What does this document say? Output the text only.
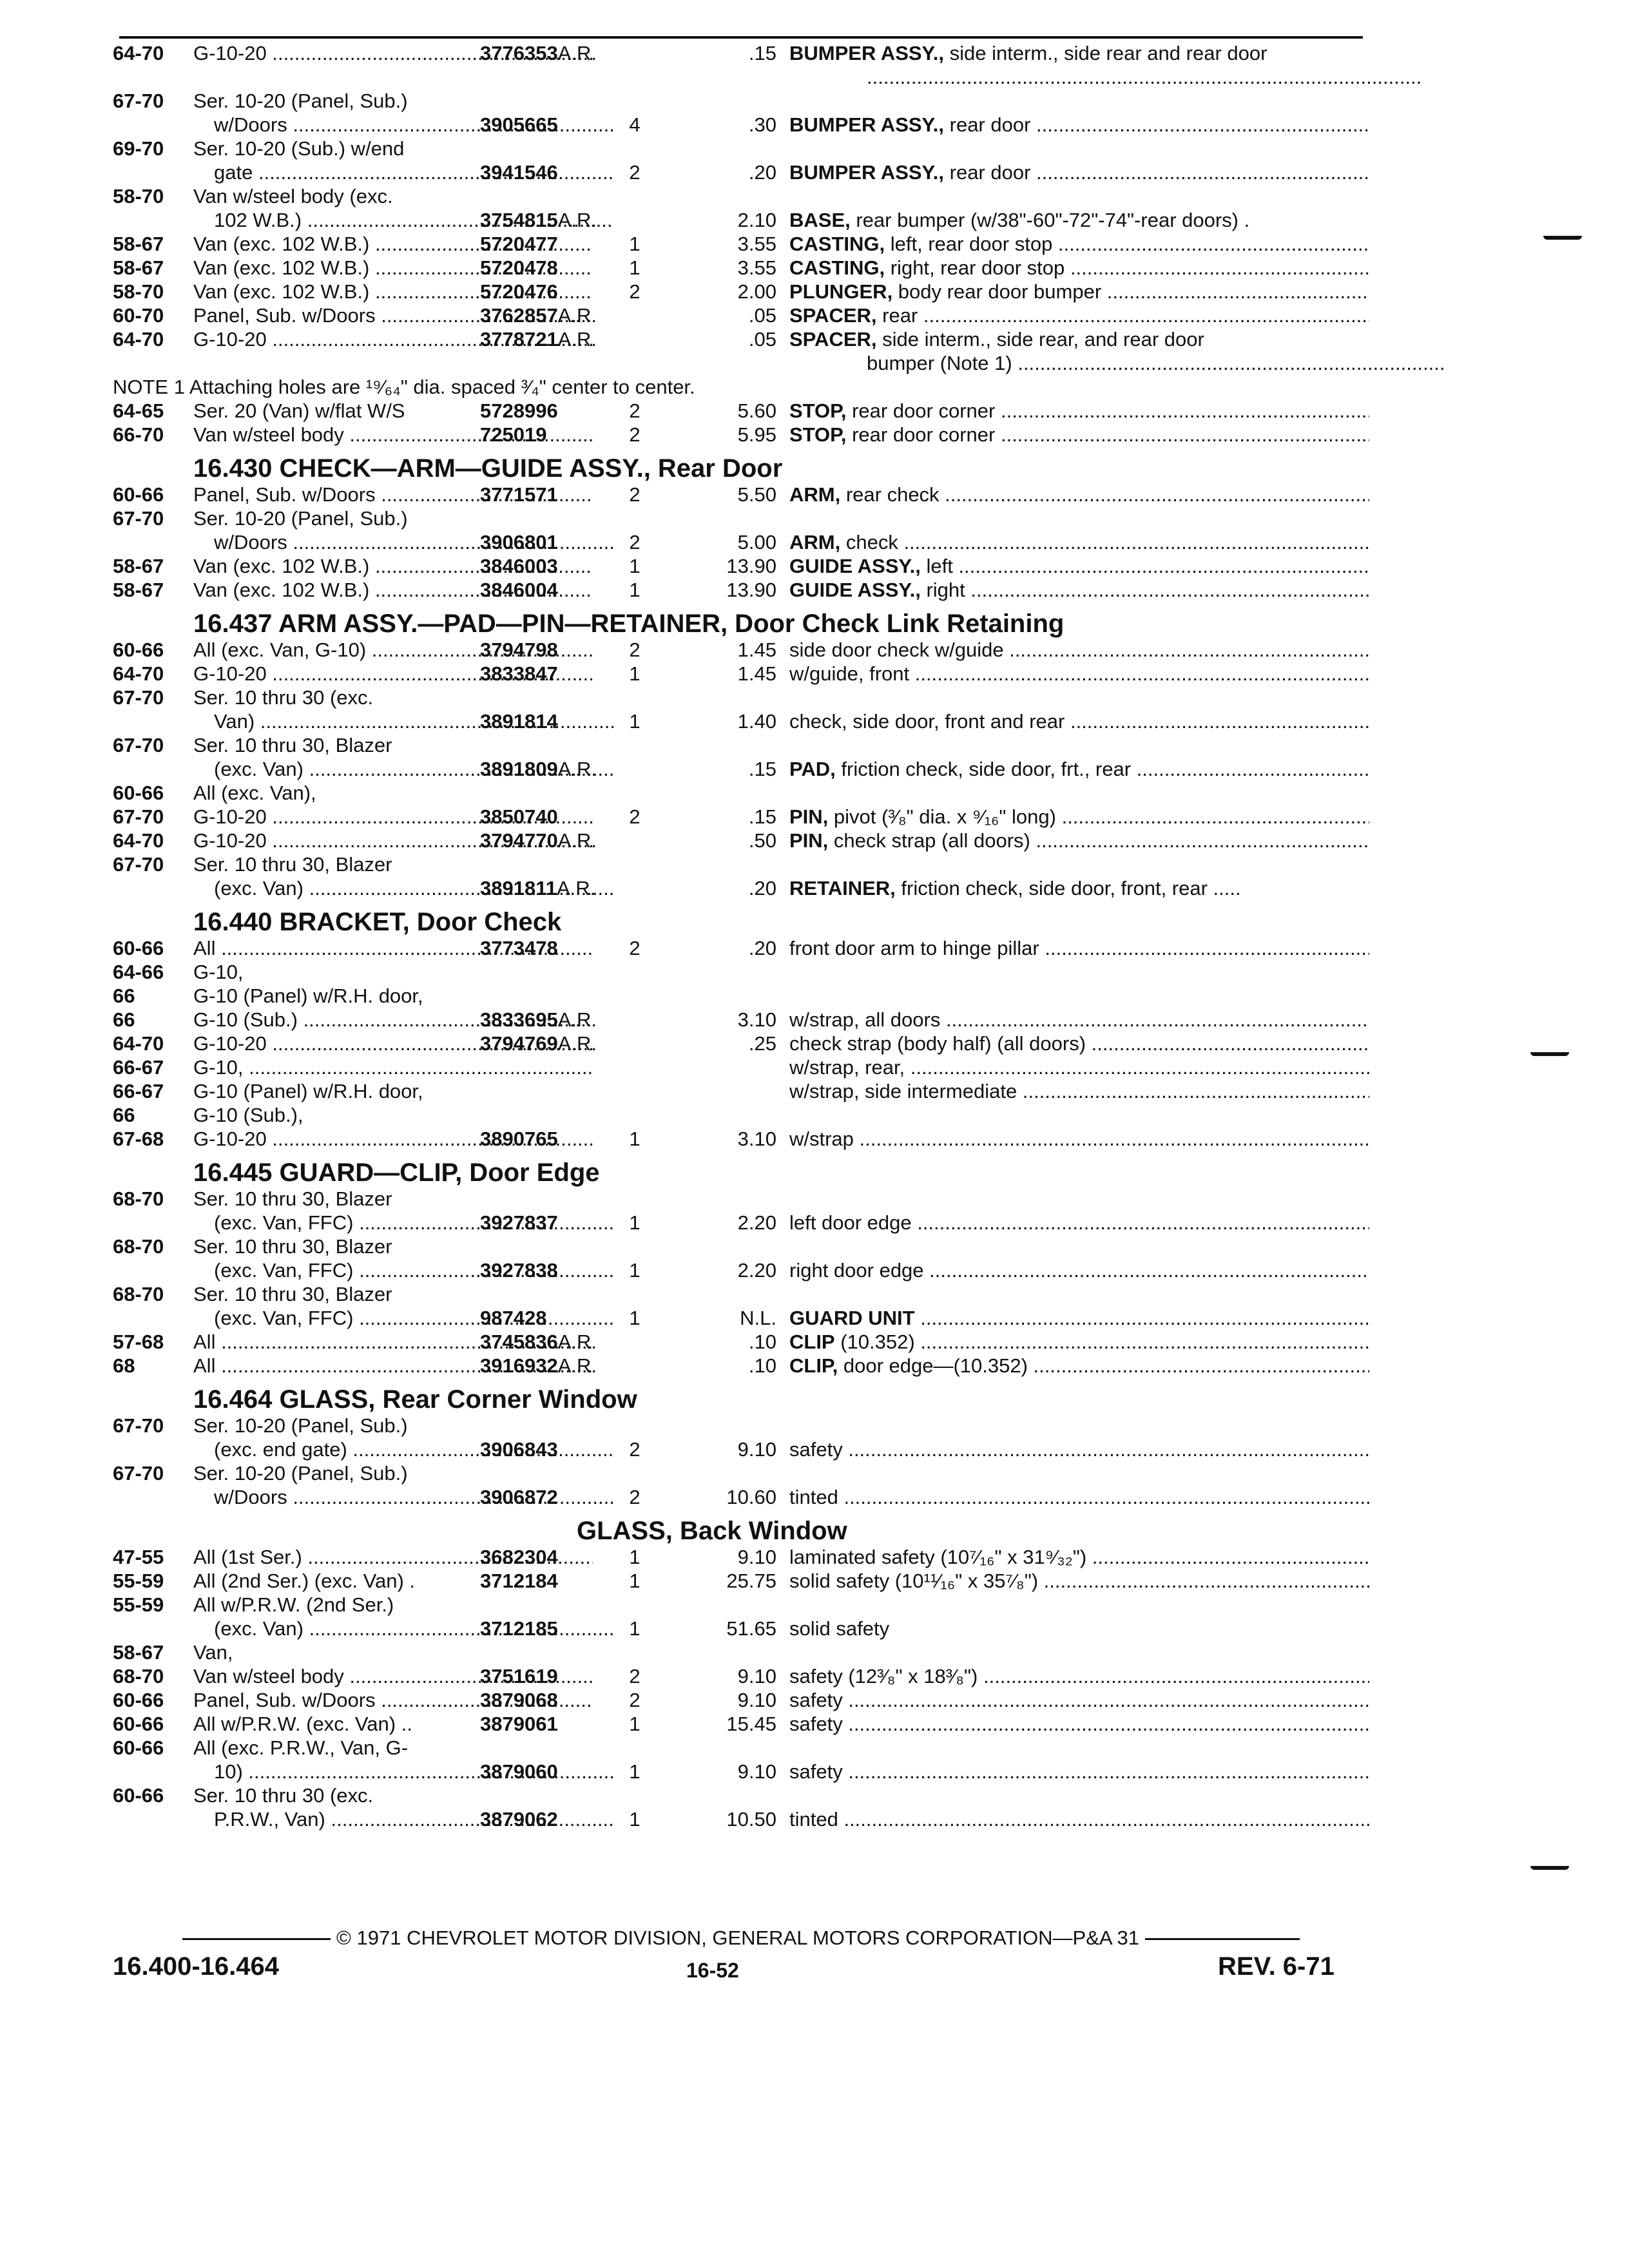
64-70	G-10-20 .....	3776353A.R.	.15 BUMPER ASSY., side interm., side rear and rear door
.....
67-70	Ser. 10-20 (Panel, Sub.)
w/Doors .....	3905665	4	.30 BUMPER ASSY., rear door .....
69-70	Ser. 10-20 (Sub.) w/end
gate .....	3941546	2	.20 BUMPER ASSY., rear door .....
58-70	Van w/steel body (exc.
102 W.B.) .....	3754815A.R.	2.10 BASE, rear bumper (w/38"-60"-72"-74"-rear doors) .
58-67	Van (exc. 102 W.B.) .....	5720477	1	3.55 CASTING, left, rear door stop .....
58-67	Van (exc. 102 W.B.) .....	5720478	1	3.55 CASTING, right, rear door stop .....
58-70	Van (exc. 102 W.B.) .....	5720476	2	2.00 PLUNGER, body rear door bumper .....
60-70	Panel, Sub. w/Doors .....	3762857A.R.	.05 SPACER, rear .....
64-70	G-10-20 .....	3778721A.R.	.05 SPACER, side interm., side rear, and rear door
bumper (Note 1) .....
NOTE 1 Attaching holes are ¹⁹⁄₆₄" dia. spaced ³⁄₄" center to center.
64-65	Ser. 20 (Van) w/flat W/S	5728996	2	5.60 STOP, rear door corner .....
66-70	Van w/steel body .....	725019	2	5.95 STOP, rear door corner .....
16.430 CHECK—ARM—GUIDE ASSY., Rear Door
60-66	Panel, Sub. w/Doors .....	3771571	2	5.50 ARM, rear check .....
67-70	Ser. 10-20 (Panel, Sub.)
w/Doors .....	3906801	2	5.00 ARM, check .....
58-67	Van (exc. 102 W.B.) .....	3846003	1	13.90 GUIDE ASSY., left .....
58-67	Van (exc. 102 W.B.) .....	3846004	1	13.90 GUIDE ASSY., right .....
16.437 ARM ASSY.—PAD—PIN—RETAINER, Door Check Link Retaining
60-66	All (exc. Van, G-10) .....	3794798	2	1.45 side door check w/guide .....
64-70	G-10-20 .....	3833847	1	1.45 w/guide, front .....
67-70	Ser. 10 thru 30 (exc.
Van) .....	3891814	1	1.40 check, side door, front and rear .....
67-70	Ser. 10 thru 30, Blazer
(exc. Van) .....	3891809A.R.	.15 PAD, friction check, side door, frt., rear .....
60-66	All (exc. Van),
67-70	G-10-20 .....	3850740	2	.15 PIN, pivot (³⁄₈" dia. x ⁹⁄₁₆" long) .....
64-70	G-10-20 .....	3794770A.R.	.50 PIN, check strap (all doors) .....
67-70	Ser. 10 thru 30, Blazer
(exc. Van) .....	3891811A.R.	.20 RETAINER, friction check, side door, front, rear .....
16.440 BRACKET, Door Check
60-66	All .....	3773478	2	.20 front door arm to hinge pillar .....
64-66	G-10,
66	G-10 (Panel) w/R.H. door,
66	G-10 (Sub.) .....	3833695A.R.	3.10 w/strap, all doors .....
64-70	G-10-20 .....	3794769A.R.	.25 check strap (body half) (all doors) .....
66-67	G-10, .....	w/strap, rear, .....
66-67	G-10 (Panel) w/R.H. door,	w/strap, side intermediate .....
66	G-10 (Sub.),
67-68	G-10-20 .....	3890765	1	3.10 w/strap .....
16.445 GUARD—CLIP, Door Edge
68-70	Ser. 10 thru 30, Blazer
(exc. Van, FFC) .....	3927837	1	2.20 left door edge .....
68-70	Ser. 10 thru 30, Blazer
(exc. Van, FFC) .....	3927838	1	2.20 right door edge .....
68-70	Ser. 10 thru 30, Blazer
(exc. Van, FFC) .....	987428	1	N.L. GUARD UNIT .....
57-68	All .....	3745836A.R.	.10 CLIP (10.352) .....
68	All .....	3916932A.R.	.10 CLIP, door edge—(10.352) .....
16.464 GLASS, Rear Corner Window
67-70	Ser. 10-20 (Panel, Sub.)
(exc. end gate) .....	3906843	2	9.10 safety .....
67-70	Ser. 10-20 (Panel, Sub.)
w/Doors .....	3906872	2	10.60 tinted .....
GLASS, Back Window
47-55	All (1st Ser.) .....	3682304	1	9.10 laminated safety (10⁷⁄₁₆" x 31⁹⁄₃₂") .....
55-59	All (2nd Ser.) (exc. Van) .	3712184	1	25.75 solid safety (10¹¹⁄₁₆" x 35⁷⁄₈") .....
55-59	All w/P.R.W. (2nd Ser.)
(exc. Van) .....	3712185	1	51.65 solid safety
58-67	Van,
68-70	Van w/steel body .....	3751619	2	9.10 safety (12³⁄₈" x 18³⁄₈") .....
60-66	Panel, Sub. w/Doors .....	3879068	2	9.10 safety .....
60-66	All w/P.R.W. (exc. Van) ..	3879061	1	15.45 safety .....
60-66	All (exc. P.R.W., Van, G-
10) .....	3879060	1	9.10 safety .....
60-66	Ser. 10 thru 30 (exc.
P.R.W., Van) .....	3879062	1	10.50 tinted .....
© 1971 CHEVROLET MOTOR DIVISION, GENERAL MOTORS CORPORATION—P&A 31
16.400-16.464	16-52	REV. 6-71
